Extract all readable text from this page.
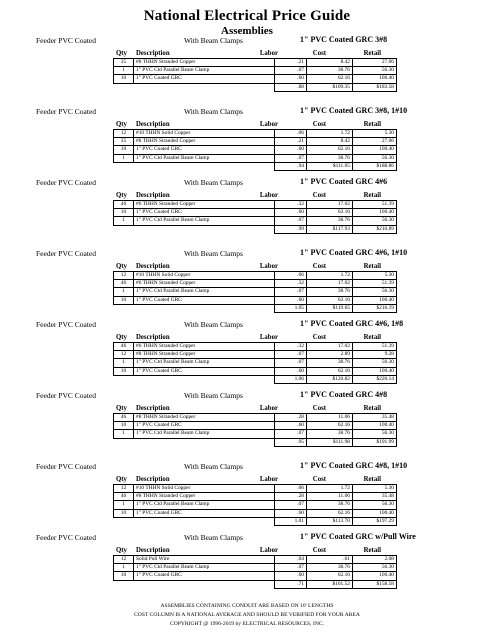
National Electrical Price Guide
Assemblies
Feeder PVC Coated	With Beam Clamps	1" PVC Coated GRC 3#8
Qty Description	Labor	Cost	Retail
35	#8 THHN Stranded Copper	.21	8.42	27.06
1	1" PVC Ctd Parallel Beam Clamp	.07	38.76	56.30
10	1" PVC Coated GRC	.60	62.16	100.40
		.88	$109.35	$183.58
Feeder PVC Coated	With Beam Clamps	1" PVC Coated GRC 3#8, 1#10
Qty Description	Labor	Cost	Retail
12	#10 THHN Solid Copper	.06	1.72	5.30
35	#8 THHN Stranded Copper	.21	8.42	27.06
10	1" PVC Coated GRC	.60	62.16	100.40
1	1" PVC Ctd Parallel Beam Clamp	.07	38.76	56.30
		.94	$111.05	$188.86
Feeder PVC Coated	With Beam Clamps	1" PVC Coated GRC 4#6
Qty Description	Labor	Cost	Retail
46	#6 THHN Stranded Copper	.32	17.02	51.39
10	1" PVC Coated GRC	.60	62.16	100.40
1	1" PVC Ctd Parallel Beam Clamp	.07	38.76	56.30
		.99	$117.93	$210.89
Feeder PVC Coated	With Beam Clamps	1" PVC Coated GRC 4#6, 1#10
Qty Description	Labor	Cost	Retail
12	#10 THHN Solid Copper	.06	1.72	5.30
46	#6 THHN Stranded Copper	.32	17.02	51.39
1	1" PVC Ctd Parallel Beam Clamp	.07	38.76	56.30
10	1" PVC Coated GRC	.60	62.16	100.40
		1.05	$119.65	$216.19
Feeder PVC Coated	With Beam Clamps	1" PVC Coated GRC 4#6, 1#8
Qty Description	Labor	Cost	Retail
46	#6 THHN Stranded Copper	.32	17.02	51.39
12	#8 THHN Stranded Copper	.07	2.89	9.28
1	1" PVC Ctd Parallel Beam Clamp	.07	38.76	56.30
10	1" PVC Coated GRC	.60	62.16	100.40
		1.06	$120.82	$220.14
Feeder PVC Coated	With Beam Clamps	1" PVC Coated GRC 4#8
Qty Description	Labor	Cost	Retail
46	#8 THHN Stranded Copper	.28	11.06	35.48
10	1" PVC Coated GRC	.60	62.16	100.40
1	1" PVC Ctd Parallel Beam Clamp	.07	38.76	56.30
		.95	$111.98	$191.99
Feeder PVC Coated	With Beam Clamps	1" PVC Coated GRC 4#8, 1#10
Qty Description	Labor	Cost	Retail
12	#10 THHN Solid Copper	.06	1.72	5.30
46	#8 THHN Stranded Copper	.28	11.06	35.48
1	1" PVC Ctd Parallel Beam Clamp	.07	38.76	56.30
10	1" PVC Coated GRC	.60	62.16	100.40
		1.01	$113.70	$197.29
Feeder PVC Coated	With Beam Clamps	1" PVC Coated GRC w/Pull Wire
Qty Description	Labor	Cost	Retail
12	Solid Pull Wire	.04	.61	2.08
1	1" PVC Ctd Parallel Beam Clamp	.07	38.76	56.30
10	1" PVC Coated GRC	.60	62.16	100.40
		.71	$101.52	$158.58
ASSEMBLIES CONTAINING CONDUIT ARE BASED ON 10' LENGTHS
COST COLUMN IS A NATIONAL AVERAGE AND SHOULD BE VERIFIED FOR YOUR AREA
COPYRIGHT @ 1996-2019 by ELECTRICAL RESOURCES, INC.
